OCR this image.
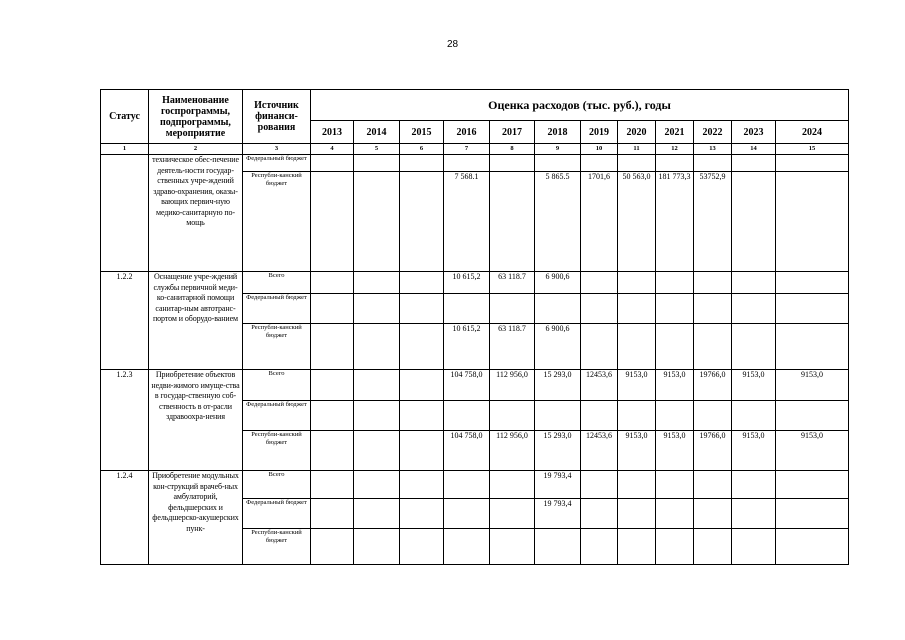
28
Статус	Наименование госпрограммы, подпрограммы, мероприятие	Источник финанси-рования	Оценка расходов (тыс. руб.), годы											
			2013	2014	2015	2016	2017	2018	2019	2020	2021	2022	2023	2024
1	2	3	4	5	6	7	8	9	10	11	12	13	14	15
	техническое обес-печение деятель-ности государ-ственных учре-ждений здраво-охранения, оказы-вающих первич-ную медико-санитарную по-мощь	Федеральный бюджет												
		Республи-канский бюджет				7 568.1		5 865.5	1701,6	50 563,0	181 773,3	53752,9		
1.2.2	Оснащение учре-ждений службы первичной меди-ко-санитарной помощи санитар-ным автотранс-портом и оборудо-ванием	Всего				10 615,2	63 118.7	6 900,6						
		Федеральный бюджет												
		Республи-канский бюджет				10 615,2	63 118.7	6 900,6						
1.2.3	Приобретение объектов недви-жимого имуще-ства в государ-ственную соб-ственность в от-расли здравоохра-нения	Всего				104 758,0	112 956,0	15 293,0	12453,6	9153,0	9153,0	19766,0	9153,0	9153,0
		Федеральный бюджет												
		Республи-канский бюджет				104 758,0	112 956,0	15 293,0	12453,6	9153,0	9153,0	19766,0	9153,0	9153,0
1.2.4	Приобретение модульных кон-струкций врачеб-ных амбулаторий, фельдшерских и фельдшерско-акушерских пунк-	Всего						19 793,4						
		Федеральный бюджет						19 793,4						
		Республи-канский бюджет												
